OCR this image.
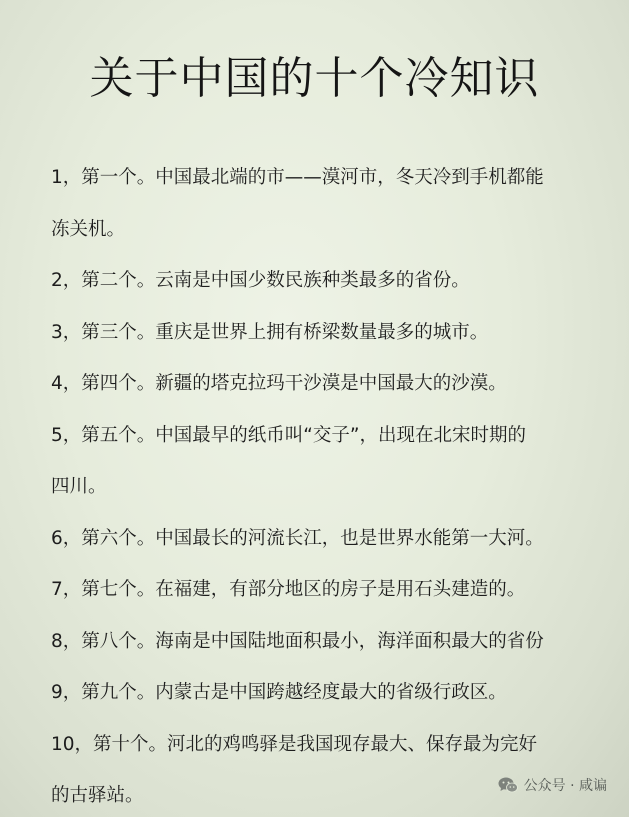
关于中国的十个冷知识
1，第一个。中国最北端的市——漠河市，冬天冷到手机都能
冻关机。
2，第二个。云南是中国少数民族种类最多的省份。
3，第三个。重庆是世界上拥有桥梁数量最多的城市。
4，第四个。新疆的塔克拉玛干沙漠是中国最大的沙漠。
5，第五个。中国最早的纸币叫“交子”，出现在北宋时期的
四川。
6，第六个。中国最长的河流长江，也是世界水能第一大河。
7，第七个。在福建，有部分地区的房子是用石头建造的。
8，第八个。海南是中国陆地面积最小，海洋面积最大的省份
9，第九个。内蒙古是中国跨越经度最大的省级行政区。
10，第十个。河北的鸡鸣驿是我国现存最大、保存最为完好
的古驿站。	公众号 · 咸谝
